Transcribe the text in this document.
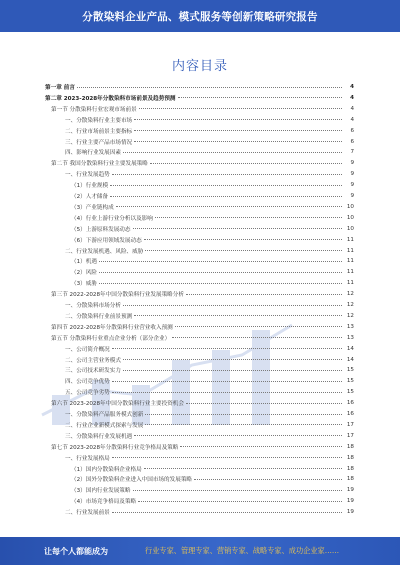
分散染料企业产品、模式服务等创新策略研究报告
内容目录
第一章 前言	4
第二章 2023-2028年分散染料市场前景及趋势预测	4
第一节 分散染料行业宏观市场前景	4
一、分散染料行业主要市场	4
二、行业市场前景主要指标	6
三、行业主要产品市场情况	6
四、影响行业发展因素	7
第二节 我国分散染料行业主要发展策略	9
一、行业发展趋势	9
（1）行业规模	9
（2）人才储备	9
（3）产业链构成	10
（4）行业上游行业分析以及影响	10
（5）上游原料发展动态	10
（6）下游应用领域发展动态	11
二、行业发展机遇、风险、威胁	11
（1）机遇	11
（2）风险	11
（3）威胁	11
第三节 2022-2028年中国分散染料行业发展策略分析	12
一、分散染料市场分析	12
二、分散染料行业前景预测	12
第四节 2022-2028年分散染料行业营业收入预测	13
第五节 分散染料行业重点企业分析（部分企业）	13
一、公司简介概况	14
二、公司主营业务模式	14
三、公司技术研发实力	15
四、公司竞争优势	15
五、公司竞争劣势	15
第六节 2023-2028年中国分散染料行业主要投资机会	16
一、分散染料产品服务模式创新	16
二、行业企业新模式探索与发展	17
三、分散染料行业发展机遇	17
第七节 2023-2028年分散染料行业竞争格局及策略	18
一、行业发展格局	18
（1）国内分散染料企业格局	18
（2）国外分散染料企业进入中国市场的发展策略	18
（3）国内行业发展策略	19
（4）市场竞争格局及策略	19
二、行业发展前景	19
让每个人都能成为	行业专家、管理专家、营销专家、战略专家、成功企业家……
